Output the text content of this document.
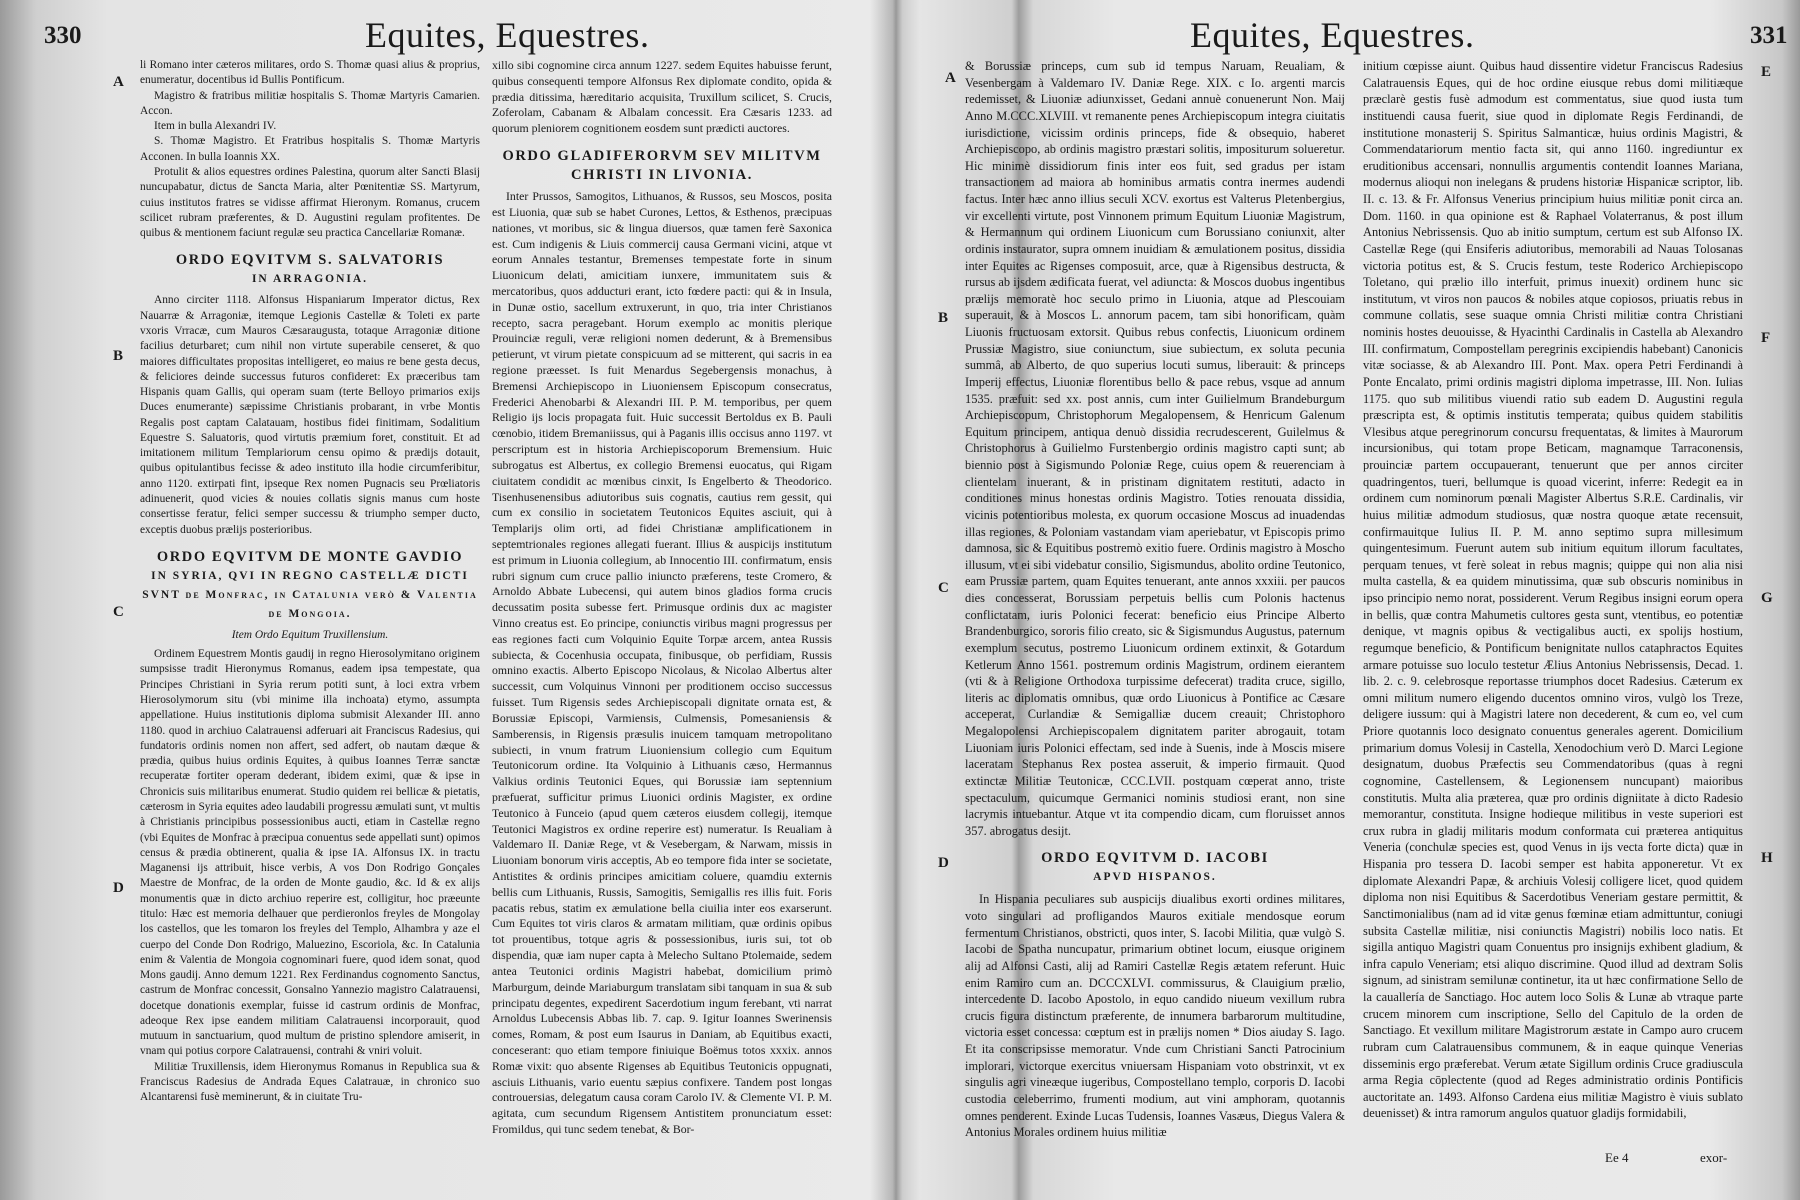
330	Equites, Equestres.
A
B
C
D

li Romano inter cæteros militares, ordo S. Thomæ quasi alius & proprius, enumeratur, docentibus id Bullis Pontificum.

Magistro & fratribus militiæ hospitalis S. Thomæ Martyris Camarien. Accon.

Item in bulla Alexandri IV.

S. Thomæ Magistro. Et Fratribus hospitalis S. Thomæ Martyris Acconen. In bulla Ioannis XX.

Protulit & alios equestres ordines Palestina, quorum alter Sancti Blasij nuncupabatur, dictus de Sancta Maria, alter Pœnitentiæ SS. Martyrum, cuius institutos fratres se vidisse affirmat Hieronym. Romanus, crucem scilicet rubram præferentes, & D. Augustini regulam profitentes. De quibus & mentionem faciunt regulæ seu practica Cancellariæ Romanæ.

ORDO EQVITVM S. SALVATORIS
IN ARRAGONIA.

Anno circiter 1118. Alfonsus Hispaniarum Imperator dictus, Rex Nauarræ & Arragoniæ, itemque Legionis Castellæ & Toleti ex parte vxoris Vrracæ, cum Mauros Cæsaraugusta, totaque Arragoniæ ditione facilius deturbaret; cum nihil non virtute superabile censeret, & quo maiores difficultates propositas intelligeret, eo maius re bene gesta decus, & feliciores deinde successus futuros confideret: Ex præceribus tam Hispanis quam Gallis, qui operam suam (terte Belloyo primarios exijs Duces enumerante) sæpissime Christianis probarant, in vrbe Montis Regalis post captam Calatauam, hostibus fidei finitimam, Sodalitium Equestre S. Saluatoris, quod virtutis præmium foret, constituit. Et ad imitationem militum Templariorum censu opimo & prædijs dotauit, quibus opitulantibus fecisse & adeo instituto illa hodie circumferibitur, anno 1120. extirpati fint, ipseque Rex nomen Pugnacis seu Prœliatoris adinuenerit, quod vicies & nouies collatis signis manus cum hoste consertisse feratur, felici semper successu & triumpho semper ducto, exceptis duobus prælijs posterioribus.

ORDO EQVITVM DE MONTE GAVDIO
IN SYRIA, QVI IN REGNO CASTELLÆ DICTI SVNT de Monfrac, in Catalunia verò & Valentia de Mongoia.

Item Ordo Equitum Truxillensium.

Ordinem Equestrem Montis gaudij in regno Hierosolymitano originem sumpsisse tradit Hieronymus Romanus, eadem ipsa tempestate, qua Principes Christiani in Syria rerum potiti sunt, à loci extra vrbem Hierosolymorum situ (vbi minime illa inchoata) etymo, assumpta appellatione. Huius institutionis diploma submisit Alexander III. anno 1180. quod in archiuo Calatrauensi adferuari ait Franciscus Radesius, qui fundatoris ordinis nomen non affert, sed adfert, ob nautam dæque & prædia, quibus huius ordinis Equites, à quibus Ioannes Terræ sanctæ recuperatæ fortiter operam dederant, ibidem eximi, quæ & ipse in Chronicis suis militaribus enumerat. Studio quidem rei bellicæ & pietatis, cæterosm in Syria equites adeo laudabili progressu æmulati sunt, vt multis à Christianis principibus possessionibus aucti, etiam in Castellæ regno (vbi Equites de Monfrac à præcipua conuentus sede appellati sunt) opimos census & prædia obtinerent, qualia & ipse IA. Alfonsus IX. in tractu Maganensi ijs attribuit, hisce verbis, A vos Don Rodrigo Gonçales Maestre de Monfrac, de la orden de Monte gaudio, &c. Id & ex alijs monumentis quæ in dicto archiuo reperire est, colligitur, hoc præeunte titulo: Hæc est memoria delhauer que perdieronlos freyles de Mongolay los castellos, que les tomaron los freyles del Templo, Alhambra y aze el cuerpo del Conde Don Rodrigo, Maluezino, Escoriola, &c. In Catalunia enim & Valentia de Mongoia cognominari fuere, quod idem sonat, quod Mons gaudij. Anno demum 1221. Rex Ferdinandus cognomento Sanctus, castrum de Monfrac concessit, Gonsalno Yannezio magistro Calatrauensi, docetque donationis exemplar, fuisse id castrum ordinis de Monfrac, adeoque Rex ipse eandem militiam Calatrauensi incorporauit, quod mutuum in sanctuarium, quod multum de pristino splendore amiserit, in vnam qui potius corpore Calatrauensi, contrahi & vniri voluit.

Militiæ Truxillensis, idem Hieronymus Romanus in Republica sua & Franciscus Radesius de Andrada Eques Calatrauæ, in chronico suo Alcantarensi fusè meminerunt, & in ciuitate Tru-

xillo sibi cognomine circa annum 1227. sedem Equites habuisse ferunt, quibus consequenti tempore Alfonsus Rex diplomate condito, opida & prædia ditissima, hæreditario acquisita, Truxillum scilicet, S. Crucis, Zoferolam, Cabanam & Albalam concessit. Era Cæsaris 1233. ad quorum pleniorem cognitionem eosdem sunt prædicti auctores.

ORDO GLADIFERORVM SEV MILITVM CHRISTI IN LIVONIA.

Inter Prussos, Samogitos, Lithuanos, & Russos, seu Moscos, posita est Liuonia, quæ sub se habet Curones, Lettos, & Esthenos, præcipuas nationes, vt moribus, sic & lingua diuersos, quæ tamen ferè Saxonica est. Cum indigenis & Liuis commercij causa Germani vicini, atque vt eorum Annales testantur, Bremenses tempestate forte in sinum Liuonicum delati, amicitiam iunxere, immunitatem suis & mercatoribus, quos adducturi erant, icto fœdere pacti: qui & in Insula, in Dunæ ostio, sacellum extruxerunt, in quo, tria inter Christianos recepto, sacra peragebant. Horum exemplo ac monitis plerique Prouinciæ reguli, veræ religioni nomen dederunt, & à Bremensibus petierunt, vt virum pietate conspicuum ad se mitterent, qui sacris in ea regione præesset. Is fuit Menardus Segebergensis monachus, à Bremensi Archiepiscopo in Liuoniensem Episcopum consecratus, Frederici Ahenobarbi & Alexandri III. P. M. temporibus, per quem Religio ijs locis propagata fuit. Huic successit Bertoldus ex B. Pauli cœnobio, itidem Bremaniissus, qui à Paganis illis occisus anno 1197. vt perscriptum est in historia Archiepiscoporum Bremensium. Huic subrogatus est Albertus, ex collegio Bremensi euocatus, qui Rigam ciuitatem condidit ac mœnibus cinxit, Is Engelberto & Theodorico. Tisenhusenensibus adiutoribus suis cognatis, cautius rem gessit, qui cum ex consilio in societatem Teutonicos Equites asciuit, qui à Templarijs olim orti, ad fidei Christianæ amplificationem in septemtrionales regiones allegati fuerant. Illius & auspicijs institutum est primum in Liuonia collegium, ab Innocentio III. confirmatum, ensis rubri signum cum cruce pallio iniuncto præferens, teste Cromero, & Arnoldo Abbate Lubecensi, qui autem binos gladios forma crucis decussatim posita subesse fert. Primusque ordinis dux ac magister Vinno creatus est. Eo principe, coniunctis viribus magni progressus per eas regiones facti cum Volquinio Equite Torpæ arcem, antea Russis subiecta, & Cocenhusia occupata, finibusque, ob perfidiam, Russis omnino exactis. Alberto Episcopo Nicolaus, & Nicolao Albertus alter successit, cum Volquinus Vinnoni per proditionem occiso successus fuisset. Tum Rigensis sedes Archiepiscopali dignitate ornata est, & Borussiæ Episcopi, Varmiensis, Culmensis, Pomesaniensis & Samberensis, in Rigensis præsulis inuicem tamquam metropolitano subiecti, in vnum fratrum Liuoniensium collegio cum Equitum Teutonicorum ordine. Ita Volquinio à Lithuanis cæso, Hermannus Valkius ordinis Teutonici Eques, qui Borussiæ iam septennium præfuerat, sufficitur primus Liuonici ordinis Magister, ex ordine Teutonico à Funceio (apud quem cæteros eiusdem collegij, itemque Teutonici Magistros ex ordine reperire est) numeratur. Is Reualiam à Valdemaro II. Daniæ Rege, vt & Vesebergam, & Narwam, missis in Liuoniam bonorum viris acceptis, Ab eo tempore fida inter se societate, Antistites & ordinis principes amicitiam coluere, quamdiu externis bellis cum Lithuanis, Russis, Samogitis, Semigallis res illis fuit. Foris pacatis rebus, statim ex æmulatione bella ciuilia inter eos exarserunt. Cum Equites tot viris claros & armatam militiam, quæ ordinis opibus tot prouentibus, totque agris & possessionibus, iuris sui, tot ob dispendia, quæ iam nuper capta à Melecho Sultano Ptolemaide, sedem antea Teutonici ordinis Magistri habebat, domicilium primò Marburgum, deinde Mariaburgum translatam sibi tanquam in sua & sub principatu degentes, expedirent Sacerdotium ingum ferebant, vti narrat Arnoldus Lubecensis Abbas lib. 7. cap. 9. Igitur Ioannes Swerinensis comes, Romam, & post eum Isaurus in Daniam, ab Equitibus exacti, conceserant: quo etiam tempore finiuique Boëmus totos xxxix. annos Romæ vixit: quo absente Rigenses ab Equitibus Teutonicis oppugnati, asciuis Lithuanis, vario euentu sæpius confixere. Tandem post longas controuersias, delegatum causa coram Carolo IV. & Clemente VI. P. M. agitata, cum secundum Rigensem Antistitem pronunciatum esset: Fromildus, qui tunc sedem tenebat, & Bor-

Equites, Equestres.	331
A
B
C
D
E
F
G
H

& Borussiæ princeps, cum sub id tempus Naruam, Reualiam, & Vesenbergam à Valdemaro IV. Daniæ Rege. XIX. c Io. argenti marcis redemisset, & Liuoniæ adiunxisset, Gedani annuè conuenerunt Non. Maij Anno M.CCC.XLVIII. vt remanente penes Archiepiscopum integra ciuitatis iurisdictione, vicissim ordinis princeps, fide & obsequio, haberet Archiepiscopo, ab ordinis magistro præstari solitis, impositurum solueretur. Hic minimè dissidiorum finis inter eos fuit, sed gradus per istam transactionem ad maiora ab hominibus armatis contra inermes audendi factus. Inter hæc anno illius seculi XCV. exortus est Valterus Pletenbergius, vir excellenti virtute, post Vinnonem primum Equitum Liuoniæ Magistrum, & Hermannum qui ordinem Liuonicum cum Borussiano coniunxit, alter ordinis instaurator, supra omnem inuidiam & æmulationem positus, dissidia inter Equites ac Rigenses composuit, arce, quæ à Rigensibus destructa, & rursus ab ijsdem ædificata fuerat, vel adiuncta: & Moscos duobus ingentibus prælijs memoratè hoc seculo primo in Liuonia, atque ad Plescouiam superauit, & à Moscos L. annorum pacem, tam sibi honorificam, quàm Liuonis fructuosam extorsit. Quibus rebus confectis, Liuonicum ordinem Prussiæ Magistro, siue coniunctum, siue subiectum, ex soluta pecunia summâ, ab Alberto, de quo superius locuti sumus, liberauit: & princeps Imperij effectus, Liuoniæ florentibus bello & pace rebus, vsque ad annum 1535. præfuit: sed xx. post annis, cum inter Guilielmum Brandeburgum Archiepiscopum, Christophorum Megalopensem, & Henricum Galenum Equitum principem, antiqua denuò dissidia recrudescerent, Guilelmus & Christophorus à Guilielmo Furstenbergio ordinis magistro capti sunt; ab biennio post à Sigismundo Poloniæ Rege, cuius opem & reuerenciam à clientelam inuerant, & in pristinam dignitatem restituti, adacto in conditiones minus honestas ordinis Magistro. Toties renouata dissidia, vicinis potentioribus molesta, ex quorum occasione Moscus ad inuadendas illas regiones, & Poloniam vastandam viam aperiebatur, vt Episcopis primo damnosa, sic & Equitibus postremò exitio fuere. Ordinis magistro à Moscho illusum, vt ei sibi videbatur consilio, Sigismundus, abolito ordine Teutonico, eam Prussiæ partem, quam Equites tenuerant, ante annos xxxiii. per paucos dies concesserat, Borussiam perpetuis bellis cum Polonis hactenus conflictatam, iuris Polonici fecerat: beneficio eius Principe Alberto Brandenburgico, sororis filio creato, sic & Sigismundus Augustus, paternum exemplum secutus, postremo Liuonicum ordinem extinxit, & Gotardum Ketlerum Anno 1561. postremum ordinis Magistrum, ordinem eierantem (vti & à Religione Orthodoxa turpissime defecerat) tradita cruce, sigillo, literis ac diplomatis omnibus, quæ ordo Liuonicus à Pontifice ac Cæsare acceperat, Curlandiæ & Semigalliæ ducem creauit; Christophoro Megalopolensi Archiepiscopalem dignitatem pariter abrogauit, totam Liuoniam iuris Polonici effectam, sed inde à Suenis, inde à Moscis misere laceratam Stephanus Rex postea asseruit, & imperio firmauit. Quod extinctæ Militiæ Teutonicæ, CCC.LVII. postquam cœperat anno, triste spectaculum, quicumque Germanici nominis studiosi erant, non sine lacrymis intuebantur. Atque vt ita compendio dicam, cum floruisset annos 357. abrogatus desijt.

ORDO EQVITVM D. IACOBI
APVD HISPANOS.

In Hispania peculiares sub auspicijs diualibus exorti ordines militares, voto singulari ad profligandos Mauros exitiale mendosque eorum fermentum Christianos, obstricti, quos inter, S. Iacobi Militia, quæ vulgò S. Iacobi de Spatha nuncupatur, primarium obtinet locum, eiusque originem alij ad Alfonsi Casti, alij ad Ramiri Castellæ Regis ætatem referunt. Huic enim Ramiro cum an. DCCCXLVI. commissurus, & Clauigium prælio, intercedente D. Iacobo Apostolo, in equo candido niueum vexillum rubra crucis figura distinctum præferente, de innumera barbarorum multitudine, victoria esset concessa: cœptum est in prælijs nomen * Dios aiuday S. Iago. Et ita conscripsisse memoratur. Vnde cum Christiani Sancti Patrocinium implorari, victorque exercitus vniuersam Hispaniam voto obstrinxit, vt ex singulis agri vineæque iugeribus, Compostellano templo, corporis D. Iacobi custodia celeberrimo, frumenti modium, aut vini amphoram, quotannis omnes penderent. Exinde Lucas Tudensis, Ioannes Vasæus, Diegus Valera & Antonius Morales ordinem huius militiæ

initium cœpisse aiunt. Quibus haud dissentire videtur Franciscus Radesius Calatrauensis Eques, qui de hoc ordine eiusque rebus domi militiæque præclarè gestis fusè admodum est commentatus, siue quod iusta tum instituendi causa fuerit, siue quod in diplomate Regis Ferdinandi, de institutione monasterij S. Spiritus Salmanticæ, huius ordinis Magistri, & Commendatariorum mentio facta sit, qui anno 1160. ingrediuntur ex eruditionibus accensari, nonnullis argumentis contendit Ioannes Mariana, modernus alioqui non inelegans & prudens historiæ Hispanicæ scriptor, lib. II. c. 13. & Fr. Alfonsus Venerius principium huius militiæ ponit circa an. Dom. 1160. in qua opinione est & Raphael Volaterranus, & post illum Antonius Nebrissensis. Quo ab initio sumptum, certum est sub Alfonso IX. Castellæ Rege (qui Ensiferis adiutoribus, memorabili ad Nauas Tolosanas victoria potitus est, & S. Crucis festum, teste Roderico Archiepiscopo Toletano, qui prælio illo interfuit, primus inuexit) ordinem hunc sic institutum, vt viros non paucos & nobiles atque copiosos, priuatis rebus in commune collatis, sese suaque omnia Christi militiæ contra Christiani nominis hostes deuouisse, & Hyacinthi Cardinalis in Castella ab Alexandro III. confirmatum, Compostellam peregrinis excipiendis habebant) Canonicis vitæ sociasse, & ab Alexandro III. Pont. Max. opera Petri Ferdinandi à Ponte Encalato, primi ordinis magistri diploma impetrasse, III. Non. Iulias 1175. quo sub militibus viuendi ratio sub eadem D. Augustini regula præscripta est, & optimis institutis temperata; quibus quidem stabilitis Vlesibus atque peregrinorum concursu frequentatas, & limites à Maurorum incursionibus, qui totam prope Beticam, magnamque Tarraconensis, prouinciæ partem occupauerant, tenuerunt que per annos circiter quadringentos, tueri, bellumque is quoad vicerint, inferre: Redegit ea in ordinem cum nominorum pœnali Magister Albertus S.R.E. Cardinalis, vir huius militiæ admodum studiosus, quæ nostra quoque ætate recensuit, confirmauitque Iulius II. P. M. anno septimo supra millesimum quingentesimum. Fuerunt autem sub initium equitum illorum facultates, perquam tenues, vt ferè soleat in rebus magnis; quippe qui non alia nisi multa castella, & ea quidem minutissima, quæ sub obscuris nominibus in ipso principio nemo norat, possiderent. Verum Regibus insigni eorum opera in bellis, quæ contra Mahumetis cultores gesta sunt, vtentibus, eo potentiæ denique, vt magnis opibus & vectigalibus aucti, ex spolijs hostium, regumque beneficio, & Pontificum benignitate nullos cataphractos Equites armare potuisse suo loculo testetur Ælius Antonius Nebrissensis, Decad. 1. lib. 2. c. 9. celebrosque reportasse triumphos docet Radesius. Cæterum ex omni militum numero eligendo ducentos omnino viros, vulgò los Treze, deligere iussum: qui à Magistri latere non decederent, & cum eo, vel cum Priore quotannis loco designato conuentus generales agerent. Domicilium primarium domus Volesij in Castella, Xenodochium verò D. Marci Legione designatum, duobus Præfectis seu Commendatoribus (quas à regni cognomine, Castellensem, & Legionensem nuncupant) maioribus constitutis. Multa alia præterea, quæ pro ordinis digniitate à dicto Radesio memorantur, constituta. Insigne hodieque militibus in veste superiori est crux rubra in gladij militaris modum conformata cui præterea antiquitus Veneria (conchulæ species est, quod Venus in ijs vecta forte dicta) quæ in Hispania pro tessera D. Iacobi semper est habita apponeretur. Vt ex diplomate Alexandri Papæ, & archiuis Volesij colligere licet, quod quidem diploma non nisi Equitibus & Sacerdotibus Veneriam gestare permittit, & Sanctimonialibus (nam ad id vitæ genus fœminæ etiam admittuntur, coniugi subsita Castellæ militiæ, nisi coniunctis Magistri) nobilis loco natis. Et sigilla antiquo Magistri quam Conuentus pro insignijs exhibent gladium, & infra capulo Veneriam; etsi aliquo discrimine. Quod illud ad dextram Solis signum, ad sinistram semilunæ continetur, ita ut hæc confirmatione Sello de la cauallería de Sanctiago. Hoc autem loco Solis & Lunæ ab vtraque parte crucem minorem cum inscriptione, Sello del Capitulo de la orden de Sanctiago. Et vexillum militare Magistrorum æstate in Campo auro crucem rubram cum Calatrauensibus communem, & in eaque quinque Venerias disseminis ergo præferebat. Verum ætate Sigillum ordinis Cruce gradiuscula arma Regia cōplectente (quod ad Reges administratio ordinis Pontificis auctoritate an. 1493. Alfonso Cardena eius militiæ Magistro è viuis sublato deuenisset) & intra ramorum angulos quatuor gladijs formidabili,

Ee 4	exor-
